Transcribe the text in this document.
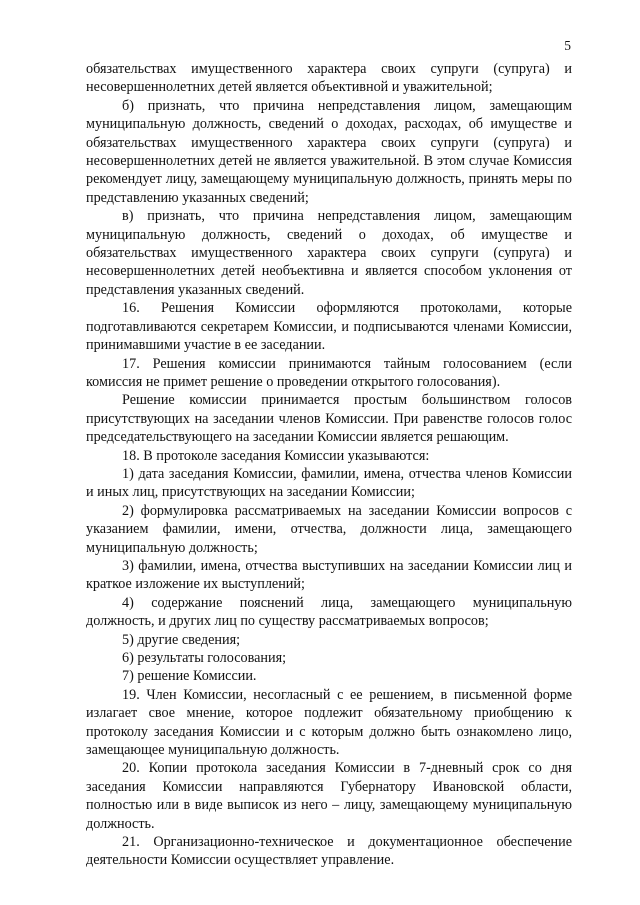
5

обязательствах имущественного характера своих супруги (супруга) и несовершеннолетних детей является объективной и уважительной;

б) признать, что причина непредставления лицом, замещающим муниципальную должность, сведений о доходах, расходах, об имуществе и обязательствах имущественного характера своих супруги (супруга) и несовершеннолетних детей не является уважительной. В этом случае Комиссия рекомендует лицу, замещающему муниципальную должность, принять меры по представлению указанных сведений;

в) признать, что причина непредставления лицом, замещающим муниципальную должность, сведений о доходах, об имуществе и обязательствах имущественного характера своих супруги (супруга) и несовершеннолетних детей необъективна и является способом уклонения от представления указанных сведений.

16. Решения Комиссии оформляются протоколами, которые подготавливаются секретарем Комиссии, и подписываются членами Комиссии, принимавшими участие в ее заседании.

17. Решения комиссии принимаются тайным голосованием (если комиссия не примет решение о проведении открытого голосования).

Решение комиссии принимается простым большинством голосов присутствующих на заседании членов Комиссии. При равенстве голосов голос председательствующего на заседании Комиссии является решающим.

18. В протоколе заседания Комиссии указываются:

1) дата заседания Комиссии, фамилии, имена, отчества членов Комиссии и иных лиц, присутствующих на заседании Комиссии;

2) формулировка рассматриваемых на заседании Комиссии вопросов с указанием фамилии, имени, отчества, должности лица, замещающего муниципальную должность;

3) фамилии, имена, отчества выступивших на заседании Комиссии лиц и краткое изложение их выступлений;

4) содержание пояснений лица, замещающего муниципальную должность, и других лиц по существу рассматриваемых вопросов;

5) другие сведения;

6) результаты голосования;

7) решение Комиссии.

19. Член Комиссии, несогласный с ее решением, в письменной форме излагает свое мнение, которое подлежит обязательному приобщению к протоколу заседания Комиссии и с которым должно быть ознакомлено лицо, замещающее муниципальную должность.

20. Копии протокола заседания Комиссии в 7-дневный срок со дня заседания Комиссии направляются Губернатору Ивановской области, полностью или в виде выписок из него – лицу, замещающему муниципальную должность.

21. Организационно-техническое и документационное обеспечение деятельности Комиссии осуществляет управление.
